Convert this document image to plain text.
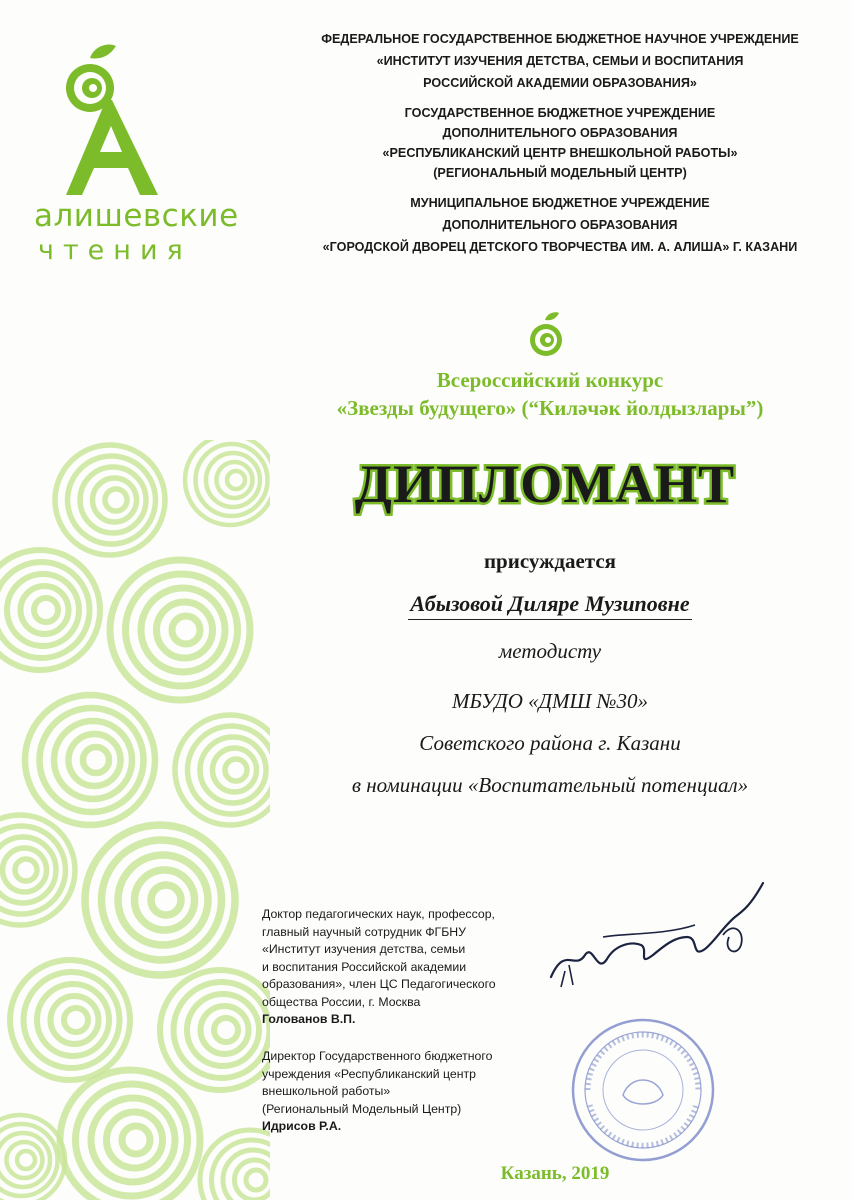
алишевские
чтения
ФЕДЕРАЛЬНОЕ ГОСУДАРСТВЕННОЕ БЮДЖЕТНОЕ НАУЧНОЕ УЧРЕЖДЕНИЕ
«ИНСТИТУТ ИЗУЧЕНИЯ ДЕТСТВА, СЕМЬИ И ВОСПИТАНИЯ
РОССИЙСКОЙ АКАДЕМИИ ОБРАЗОВАНИЯ»
ГОСУДАРСТВЕННОЕ БЮДЖЕТНОЕ УЧРЕЖДЕНИЕ
ДОПОЛНИТЕЛЬНОГО ОБРАЗОВАНИЯ
«РЕСПУБЛИКАНСКИЙ ЦЕНТР ВНЕШКОЛЬНОЙ РАБОТЫ»
(РЕГИОНАЛЬНЫЙ МОДЕЛЬНЫЙ ЦЕНТР)
МУНИЦИПАЛЬНОЕ БЮДЖЕТНОЕ УЧРЕЖДЕНИЕ
ДОПОЛНИТЕЛЬНОГО ОБРАЗОВАНИЯ
«ГОРОДСКОЙ ДВОРЕЦ ДЕТСКОГО ТВОРЧЕСТВА ИМ. А. АЛИША» Г. КАЗАНИ
Всероссийский конкурс
«Звезды будущего» (“Киләчәк йолдызлары”)
ДИПЛОМАНТ
присуждается
Абызовой Диляре Музиповне
методисту
МБУДО «ДМШ №30»
Советского района г. Казани
в номинации «Воспитательный потенциал»
Доктор педагогических наук, профессор,
главный научный сотрудник ФГБНУ
«Институт изучения детства, семьи
и воспитания Российской академии
образования», член ЦС Педагогического
общества России, г. Москва
Голованов В.П.
Директор Государственного бюджетного
учреждения «Республиканский центр
внешкольной работы»
(Региональный Модельный Центр)
Идрисов Р.А.
Казань, 2019
